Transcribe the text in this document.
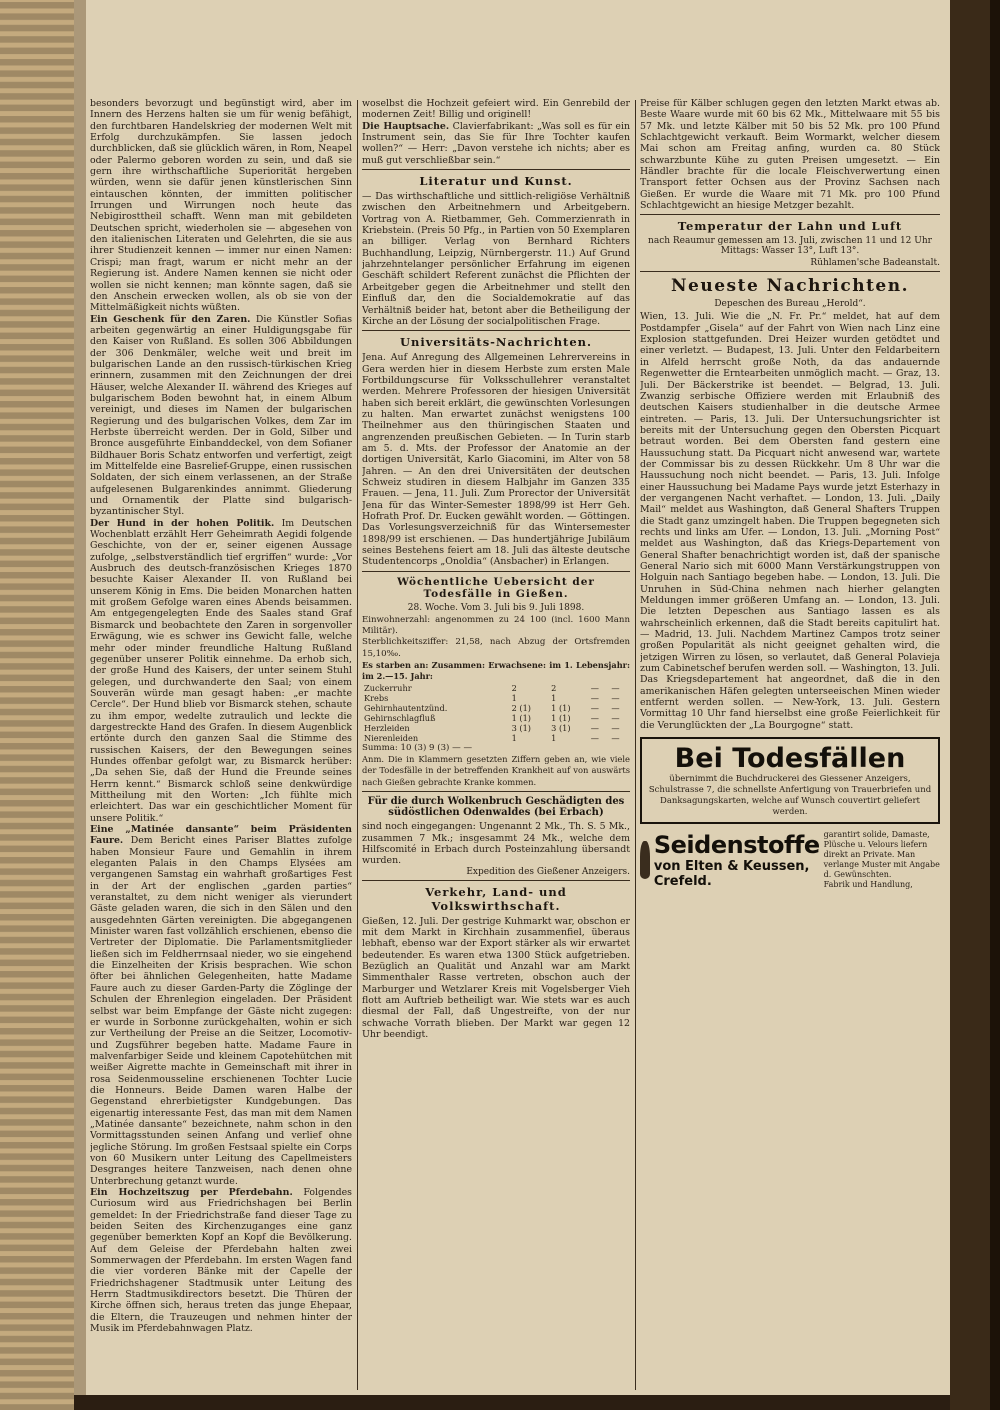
besonders bevorzugt und begünstigt wird, aber im Innern des Herzens halten sie um für wenig befähigt, den furchtbaren Handelskrieg der modernen Welt mit Erfolg durchzukämpfen. Sie lassen jedoch durchblicken, daß sie glücklich wären, in Rom, Neapel oder Palermo geboren worden zu sein, und daß sie gern ihre wirthschaftliche Superiorität hergeben würden, wenn sie dafür jenen künstlerischen Sinn eintauschen könnten, der immitten politischer Irrungen und Wirrungen noch heute das Nebigirosttheil schafft. Wenn man mit gebildeten Deutschen spricht, wiederholen sie — abgesehen von den italienischen Literaten und Gelehrten, die sie aus ihrer Studienzeit kennen — immer nur einen Namen: Crispi; man fragt, warum er nicht mehr an der Regierung ist. Andere Namen kennen sie nicht oder wollen sie nicht kennen; man könnte sagen, daß sie den Anschein erwecken wollen, als ob sie von der Mittelmäßigkeit nichts wüßten.

Ein Geschenk für den Zaren. Die Künstler Sofias arbeiten gegenwärtig an einer Huldigungsgabe für den Kaiser von Rußland. Es sollen 306 Abbildungen der 306 Denkmäler, welche weit und breit im bulgarischen Lande an den russisch-türkischen Krieg erinnern, zusammen mit den Zeichnungen der drei Häuser, welche Alexander II. während des Krieges auf bulgarischem Boden bewohnt hat, in einem Album vereinigt, und dieses im Namen der bulgarischen Regierung und des bulgarischen Volkes, dem Zar im Herbste überreicht werden. Der in Gold, Silber und Bronce ausgeführte Einbanddeckel, von dem Sofianer Bildhauer Boris Schatz entworfen und verfertigt, zeigt im Mittelfelde eine Basrelief-Gruppe, einen russischen Soldaten, der sich einem verlassenen, an der Straße aufgelesenen Bulgarenkindes annimmt. Gliederung und Ornamentik der Platte sind bulgarisch-byzantinischer Styl.

Der Hund in der hohen Politik. Im Deutschen Wochenblatt erzählt Herr Geheimrath Aegidi folgende Geschichte, von der er, seiner eigenen Aussage zufolge, „selbstverständlich tief ergriffen“ wurde: „Vor Ausbruch des deutsch-französischen Krieges 1870 besuchte Kaiser Alexander II. von Rußland bei unserem König in Ems. Die beiden Monarchen hatten mit großem Gefolge waren eines Abends beisammen. Am entgegengelegten Ende des Saales stand Graf Bismarck und beobachtete den Zaren in sorgenvoller Erwägung, wie es schwer ins Gewicht falle, welche mehr oder minder freundliche Haltung Rußland gegenüber unserer Politik einnehme. Da erhob sich, der große Hund des Kaisers, der unter seinem Stuhl gelegen, und durchwanderte den Saal; von einem Souverän würde man gesagt haben: „er machte Cercle“. Der Hund blieb vor Bismarck stehen, schaute zu ihm empor, wedelte zutraulich und leckte die dargestreckte Hand des Grafen. In diesem Augenblick ertönte durch den ganzen Saal die Stimme des russischen Kaisers, der den Bewegungen seines Hundes offenbar gefolgt war, zu Bismarck herüber: „Da sehen Sie, daß der Hund die Freunde seines Herrn kennt.“ Bismarck schloß seine denkwürdige Mittheilung mit den Worten: „Ich fühlte mich erleichtert. Das war ein geschichtlicher Moment für unsere Politik.“

Eine „Matinée dansante“ beim Präsidenten Faure. Dem Bericht eines Pariser Blattes zufolge haben Monsieur Faure und Gemahlin in ihrem eleganten Palais in den Champs Elysées am vergangenen Samstag ein wahrhaft großartiges Fest in der Art der englischen „garden parties“ veranstaltet, zu dem nicht weniger als vierundert Gäste geladen waren, die sich in den Sälen und den ausgedehnten Gärten vereinigten. Die abgegangenen Minister waren fast vollzählich erschienen, ebenso die Vertreter der Diplomatie. Die Parlamentsmitglieder ließen sich im Feldherrnsaal nieder, wo sie eingehend die Einzelheiten der Krisis besprachen. Wie schon öfter bei ähnlichen Gelegenheiten, hatte Madame Faure auch zu dieser Garden-Party die Zöglinge der Schulen der Ehrenlegion eingeladen. Der Präsident selbst war beim Empfange der Gäste nicht zugegen: er wurde in Sorbonne zurückgehalten, wohin er sich zur Vertheilung der Preise an die Seitzer, Locomotiv- und Zugsführer begeben hatte. Madame Faure in malvenfarbiger Seide und kleinem Capotehütchen mit weißer Aigrette machte in Gemeinschaft mit ihrer in rosa Seidenmousseline erschienenen Tochter Lucie die Honneurs. Beide Damen waren Halbe der Gegenstand ehrerbietigster Kundgebungen. Das eigenartig interessante Fest, das man mit dem Namen „Matinée dansante“ bezeichnete, nahm schon in den Vormittagsstunden seinen Anfang und verlief ohne jegliche Störung. Im großen Festsaal spielte ein Corps von 60 Musikern unter Leitung des Capellmeisters Desgranges heitere Tanzweisen, nach denen ohne Unterbrechung getanzt wurde.

Ein Hochzeitszug per Pferdebahn. Folgendes Curiosum wird aus Friedrichshagen bei Berlin gemeldet: In der Friedrichstraße fand dieser Tage zu beiden Seiten des Kirchenzuganges eine ganz gegenüber bemerkten Kopf an Kopf die Bevölkerung. Auf dem Geleise der Pferdebahn halten zwei Sommerwagen der Pferdebahn. Im ersten Wagen fand die vier vorderen Bänke mit der Capelle der Friedrichshagener Stadtmusik unter Leitung des Herrn Stadtmusikdirectors besetzt. Die Thüren der Kirche öffnen sich, heraus treten das junge Ehepaar, die Eltern, die Trauzeugen und nehmen hinter der Musik im Pferdebahnwagen Platz.

woselbst die Hochzeit gefeiert wird. Ein Genrebild der modernen Zeit! Billig und originell!

Die Hauptsache. Clavierfabrikant: „Was soll es für ein Instrument sein, das Sie für Ihre Tochter kaufen wollen?“ — Herr: „Davon verstehe ich nichts; aber es muß gut verschließbar sein.“

Literatur und Kunst.

— Das wirthschaftliche und sittlich-religiöse Verhältniß zwischen den Arbeitnehmern und Arbeitgebern. Vortrag von A. Rietbammer, Geh. Commerzienrath in Kriebstein. (Preis 50 Pfg., in Partien von 50 Exemplaren an billiger. Verlag von Bernhard Richters Buchhandlung, Leipzig, Nürnbergerstr. 11.) Auf Grund jahrzehntelanger persönlicher Erfahrung im eigenen Geschäft schildert Referent zunächst die Pflichten der Arbeitgeber gegen die Arbeitnehmer und stellt den Einfluß dar, den die Socialdemokratie auf das Verhältniß beider hat, betont aber die Betheiligung der Kirche an der Lösung der socialpolitischen Frage.

Universitäts-Nachrichten.

Jena. Auf Anregung des Allgemeinen Lehrervereins in Gera werden hier in diesem Herbste zum ersten Male Fortbildungscurse für Volksschullehrer veranstaltet werden. Mehrere Professoren der hiesigen Universität haben sich bereit erklärt, die gewünschten Vorlesungen zu halten. Man erwartet zunächst wenigstens 100 Theilnehmer aus den thüringischen Staaten und angrenzenden preußischen Gebieten. — In Turin starb am 5. d. Mts. der Professor der Anatomie an der dortigen Universität, Karlo Giacomini, im Alter von 58 Jahren. — An den drei Universitäten der deutschen Schweiz studiren in diesem Halbjahr im Ganzen 335 Frauen. — Jena, 11. Juli. Zum Prorector der Universität Jena für das Winter-Semester 1898/99 ist Herr Geh. Hofrath Prof. Dr. Eucken gewählt worden. — Göttingen. Das Vorlesungsverzeichniß für das Wintersemester 1898/99 ist erschienen. — Das hundertjährige Jubiläum seines Bestehens feiert am 18. Juli das älteste deutsche Studentencorps „Onoldia“ (Ansbacher) in Erlangen.

Wöchentliche Uebersicht der Todesfälle in Gießen.
28. Woche. Vom 3. Juli bis 9. Juli 1898.
Einwohnerzahl: angenommen zu 24 100 (incl. 1600 Mann Militär).
Sterblichkeitsziffer: 21,58, nach Abzug der Ortsfremden 15,10‰.
Es starben an: Zusammen: Erwachsene: im 1. Lebensjahr: im 2.—15. Jahr:
Zuckerruhr	2	2	—	—
Krebs	1	1	—	—
Gehirnhautentzünd.	2 (1)	1 (1)	—	—
Gehirnschlagfluß	1 (1)	1 (1)	—	—
Herzleiden	3 (1)	3 (1)	—	—
Nierenleiden	1	1	—	—
Summa: 10 (3) 9 (3) — —

Anm. Die in Klammern gesetzten Ziffern geben an, wie viele der Todesfälle in der betreffenden Krankheit auf von auswärts nach Gießen gebrachte Kranke kommen.

Für die durch Wolkenbruch Geschädigten des südöstlichen Odenwaldes (bei Erbach)

sind noch eingegangen: Ungenannt 2 Mk., Th. S. 5 Mk., zusammen 7 Mk.; insgesammt 24 Mk., welche dem Hilfscomité in Erbach durch Posteinzahlung übersandt wurden.

Expedition des Gießener Anzeigers.
Verkehr, Land- und Volkswirthschaft.

Gießen, 12. Juli. Der gestrige Kuhmarkt war, obschon er mit dem Markt in Kirchhain zusammenfiel, überaus lebhaft, ebenso war der Export stärker als wir erwartet bedeutender. Es waren etwa 1300 Stück aufgetrieben. Bezüglich an Qualität und Anzahl war am Markt Simmenthaler Rasse vertreten, obschon auch der Marburger und Wetzlarer Kreis mit Vogelsberger Vieh flott am Auftrieb betheiligt war. Wie stets war es auch diesmal der Fall, daß Ungestreifte, von der nur schwache Vorrath blieben. Der Markt war gegen 12 Uhr beendigt.

Preise für Kälber schlugen gegen den letzten Markt etwas ab. Beste Waare wurde mit 60 bis 62 Mk., Mittelwaare mit 55 bis 57 Mk. und letzte Kälber mit 50 bis 52 Mk. pro 100 Pfund Schlachtgewicht verkauft. Beim Wormarkt, welcher diesem Mai schon am Freitag anfing, wurden ca. 80 Stück schwarzbunte Kühe zu guten Preisen umgesetzt. — Ein Händler brachte für die locale Fleischverwertung einen Transport fetter Ochsen aus der Provinz Sachsen nach Gießen. Er wurde die Waare mit 71 Mk. pro 100 Pfund Schlachtgewicht an hiesige Metzger bezahlt.

Temperatur der Lahn und Luft
nach Reaumur gemessen am 13. Juli, zwischen 11 und 12 Uhr Mittags: Wasser 13°, Luft 13°.
Rühlamen'sche Badeanstalt.
Neueste Nachrichten.
Depeschen des Bureau „Herold“.

Wien, 13. Juli. Wie die „N. Fr. Pr.“ meldet, hat auf dem Postdampfer „Gisela“ auf der Fahrt von Wien nach Linz eine Explosion stattgefunden. Drei Heizer wurden getödtet und einer verletzt. — Budapest, 13. Juli. Unter den Feldarbeitern in Alfeld herrscht große Noth, da das andauernde Regenwetter die Erntearbeiten unmöglich macht. — Graz, 13. Juli. Der Bäckerstrike ist beendet. — Belgrad, 13. Juli. Zwanzig serbische Offiziere werden mit Erlaubniß des deutschen Kaisers studienhalber in die deutsche Armee eintreten. — Paris, 13. Juli. Der Untersuchungsrichter ist bereits mit der Untersuchung gegen den Obersten Picquart betraut worden. Bei dem Obersten fand gestern eine Haussuchung statt. Da Picquart nicht anwesend war, wartete der Commissar bis zu dessen Rückkehr. Um 8 Uhr war die Haussuchung noch nicht beendet. — Paris, 13. Juli. Infolge einer Haussuchung bei Madame Pays wurde jetzt Esterhazy in der vergangenen Nacht verhaftet. — London, 13. Juli. „Daily Mail“ meldet aus Washington, daß General Shafters Truppen die Stadt ganz umzingelt haben. Die Truppen begegneten sich rechts und links am Ufer. — London, 13. Juli. „Morning Post“ meldet aus Washington, daß das Kriegs-Departement von General Shafter benachrichtigt worden ist, daß der spanische General Nario sich mit 6000 Mann Verstärkungstruppen von Holguin nach Santiago begeben habe. — London, 13. Juli. Die Unruhen in Süd-China nehmen nach hierher gelangten Meldungen immer größeren Umfang an. — London, 13. Juli. Die letzten Depeschen aus Santiago lassen es als wahrscheinlich erkennen, daß die Stadt bereits capitulirt hat. — Madrid, 13. Juli. Nachdem Martinez Campos trotz seiner großen Popularität als nicht geeignet gehalten wird, die jetzigen Wirren zu lösen, so verlautet, daß General Polavieja zum Cabinetschef berufen werden soll. — Washington, 13. Juli. Das Kriegsdepartement hat angeordnet, daß die in den amerikanischen Häfen gelegten unterseeischen Minen wieder entfernt werden sollen. — New-York, 13. Juli. Gestern Vormittag 10 Uhr fand hierselbst eine große Feierlichkeit für die Verunglückten der „La Bourgogne“ statt.

Bei Todesfällen
übernimmt die Buchdruckerei des Giessener Anzeigers, Schulstrasse 7, die schnellste Anfertigung von Trauerbriefen und Danksagungskarten, welche auf Wunsch couvertirt geliefert werden.
Seidenstoffe
von Elten & Keussen, Crefeld.
garantirt solide, Damaste, Plüsche u. Velours liefern direkt an Private. Man verlange Muster mit Angabe d. Gewünschten.
Fabrik und Handlung,
